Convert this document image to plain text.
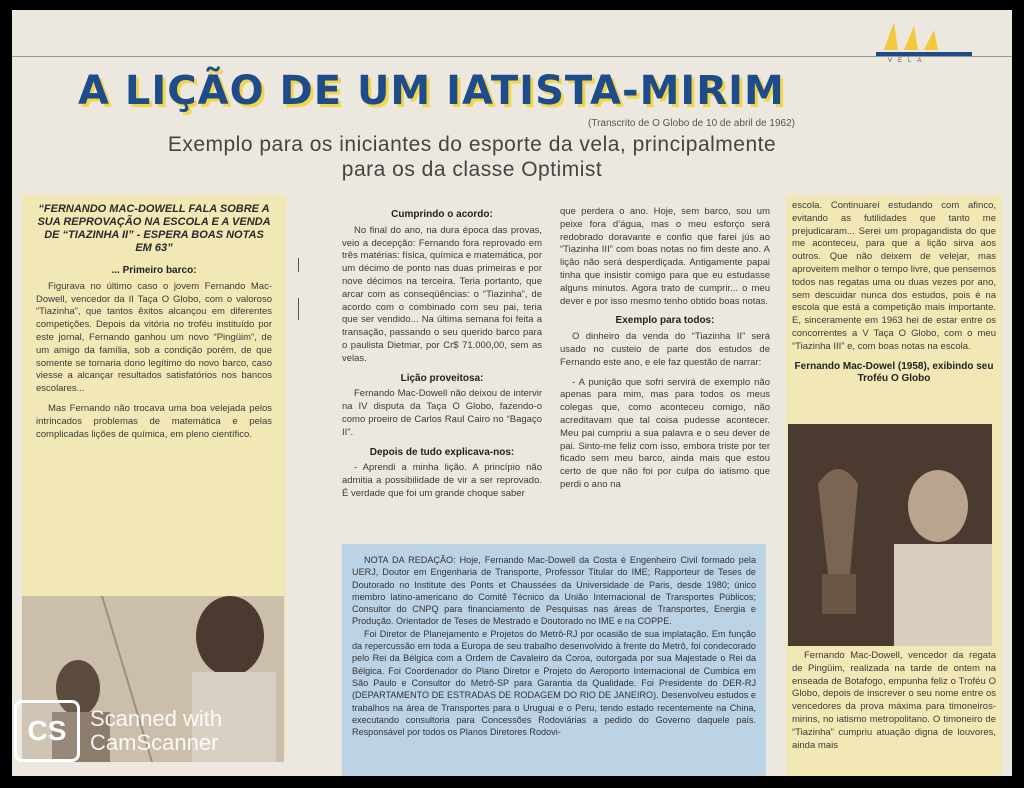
VELA
A LIÇÃO DE UM IATISTA-MIRIM
(Transcrito de O Globo de 10 de abril de 1962)
Exemplo para os iniciantes do esporte da vela, principalmente
para os da classe Optimist
“FERNANDO MAC-DOWELL FALA SOBRE A SUA REPROVAÇÃO NA ESCOLA E A VENDA DE “TIAZINHA II” - ESPERA BOAS NOTAS EM 63”
... Primeiro barco:

Figurava no último caso o jovem Fernando Mac-Dowell, vencedor da II Taça O Globo, com o valoroso “Tiazinha”, que tantos êxitos alcançou em diferentes competições. Depois da vitória no troféu instituído por este jornal, Fernando ganhou um novo “Pingüim”, de um amigo da família, sob a condição porém, de que somente se tornaria dono legítimo do novo barco, caso viesse a alcançar resultados satisfatórios nos bancos escolares...

Mas Fernando não trocava uma boa velejada pelos intrincados problemas de matemática e pelas complicadas lições de química, em pleno científico.

Cumprindo o acordo:

No final do ano, na dura época das provas, veio a decepção: Fernando fora reprovado em três matérias: física, química e matemática, por um décimo de ponto nas duas primeiras e por nove décimos na terceira. Teria portanto, que arcar com as conseqüências: o “Tiazinha”, de acordo com o combinado com seu pai, teria que ser vendido... Na última semana foi feita a transação, passando o seu querido barco para o paulista Dietmar, por Cr$ 71.000,00, sem as velas.

Lição proveitosa:

Fernando Mac-Dowell não deixou de intervir na IV disputa da Taça O Globo, fazendo-o como proeiro de Carlos Raul Cairo no “Bagaço II”.

Depois de tudo explicava-nos:

- Aprendi a minha lição. A princípio não admitia a possibilidade de vir a ser reprovado. É verdade que foi um grande choque saber

que perdera o ano. Hoje, sem barco, sou um peixe fora d’água, mas o meu esforço será redobrado doravante e confio que farei jús ao “Tiazinha III” com boas notas no fim deste ano. A lição não será desperdiçada. Antigamente papai tinha que insistir comigo para que eu estudasse alguns minutos. Agora trato de cumprir... o meu dever e por isso mesmo tenho obtido boas notas.

Exemplo para todos:

O dinheiro da venda do “Tiazinha II” será usado no custeio de parte dos estudos de Fernando este ano, e ele faz questão de narrar:

- A punição que sofri servirá de exemplo não apenas para mim, mas para todos os meus colegas que, como aconteceu comigo, não acreditavam que tal coisa pudesse acontecer. Meu pai cumpriu a sua palavra e o seu dever de pai. Sinto-me feliz com isso, embora triste por ter ficado sem meu barco, ainda mais que estou certo de que não foi por culpa do iatismo que perdi o ano na

escola. Continuarei estudando com afinco, evitando as futilidades que tanto me prejudicaram... Serei um propagandista do que me aconteceu, para que a lição sirva aos outros. Que não deixem de velejar, mas aproveitem melhor o tempo livre, que pensemos todos nas regatas uma ou duas vezes por ano, sem descuidar nunca dos estudos, pois é na escola que está a competição mais importante. E, sinceramente em 1963 hei de estar entre os concorrentes a V Taça O Globo, com o meu “Tiazinha III” e, com boas notas na escola.

Fernando Mac-Dowel (1958), exibindo seu Troféu O Globo

Fernando Mac-Dowell, vencedor da regata de Pingüim, realizada na tarde de ontem na enseada de Botafogo, empunha feliz o Troféu O Globo, depois de inscrever o seu nome entre os vencedores da prova máxima para timoneiros-mirins, no iatismo metropolitano. O timoneiro de “Tiazinha” cumpriu atuação digna de louvores, ainda mais

NOTA DA REDAÇÃO: Hoje, Fernando Mac-Dowell da Costa é Engenheiro Civil formado pela UERJ, Doutor em Engenharia de Transporte, Professor Titular do IME; Rapporteur de Teses de Doutorado no Institute des Ponts et Chaussées da Universidade de Paris, desde 1980; único membro latino-americano do Comitê Técnico da União Internacional de Transportes Públicos; Consultor do CNPQ para financiamento de Pesquisas nas áreas de Transportes, Energia e Produção. Orientador de Teses de Mestrado e Doutorado no IME e na COPPE.

Foi Diretor de Planejamento e Projetos do Metrô-RJ por ocasião de sua implatação. Em função da repercussão em toda a Europa de seu trabalho desenvolvido à frente do Metrô, foi condecorado pelo Rei da Bélgica com a Ordem de Cavaleiro da Coroa, outorgada por sua Majestade o Rei da Bélgica. Foi Coordenador do Plano Diretor e Projeto do Aeroporto Internacional de Cumbica em São Paulo e Consultor do Metrô-SP para Garantia da Qualidade. Foi Presidente do DER-RJ (DEPARTAMENTO DE ESTRADAS DE RODAGEM DO RIO DE JANEIRO). Desenvolveu estudos e trabalhos na área de Transportes para o Uruguai e o Peru, tendo estado recentemente na China, executando consultoria para Concessões Rodoviárias a pedido do Governo daquele país. Responsável por todos os Planos Diretores Rodovi-

CS	Scanned with
CamScanner
